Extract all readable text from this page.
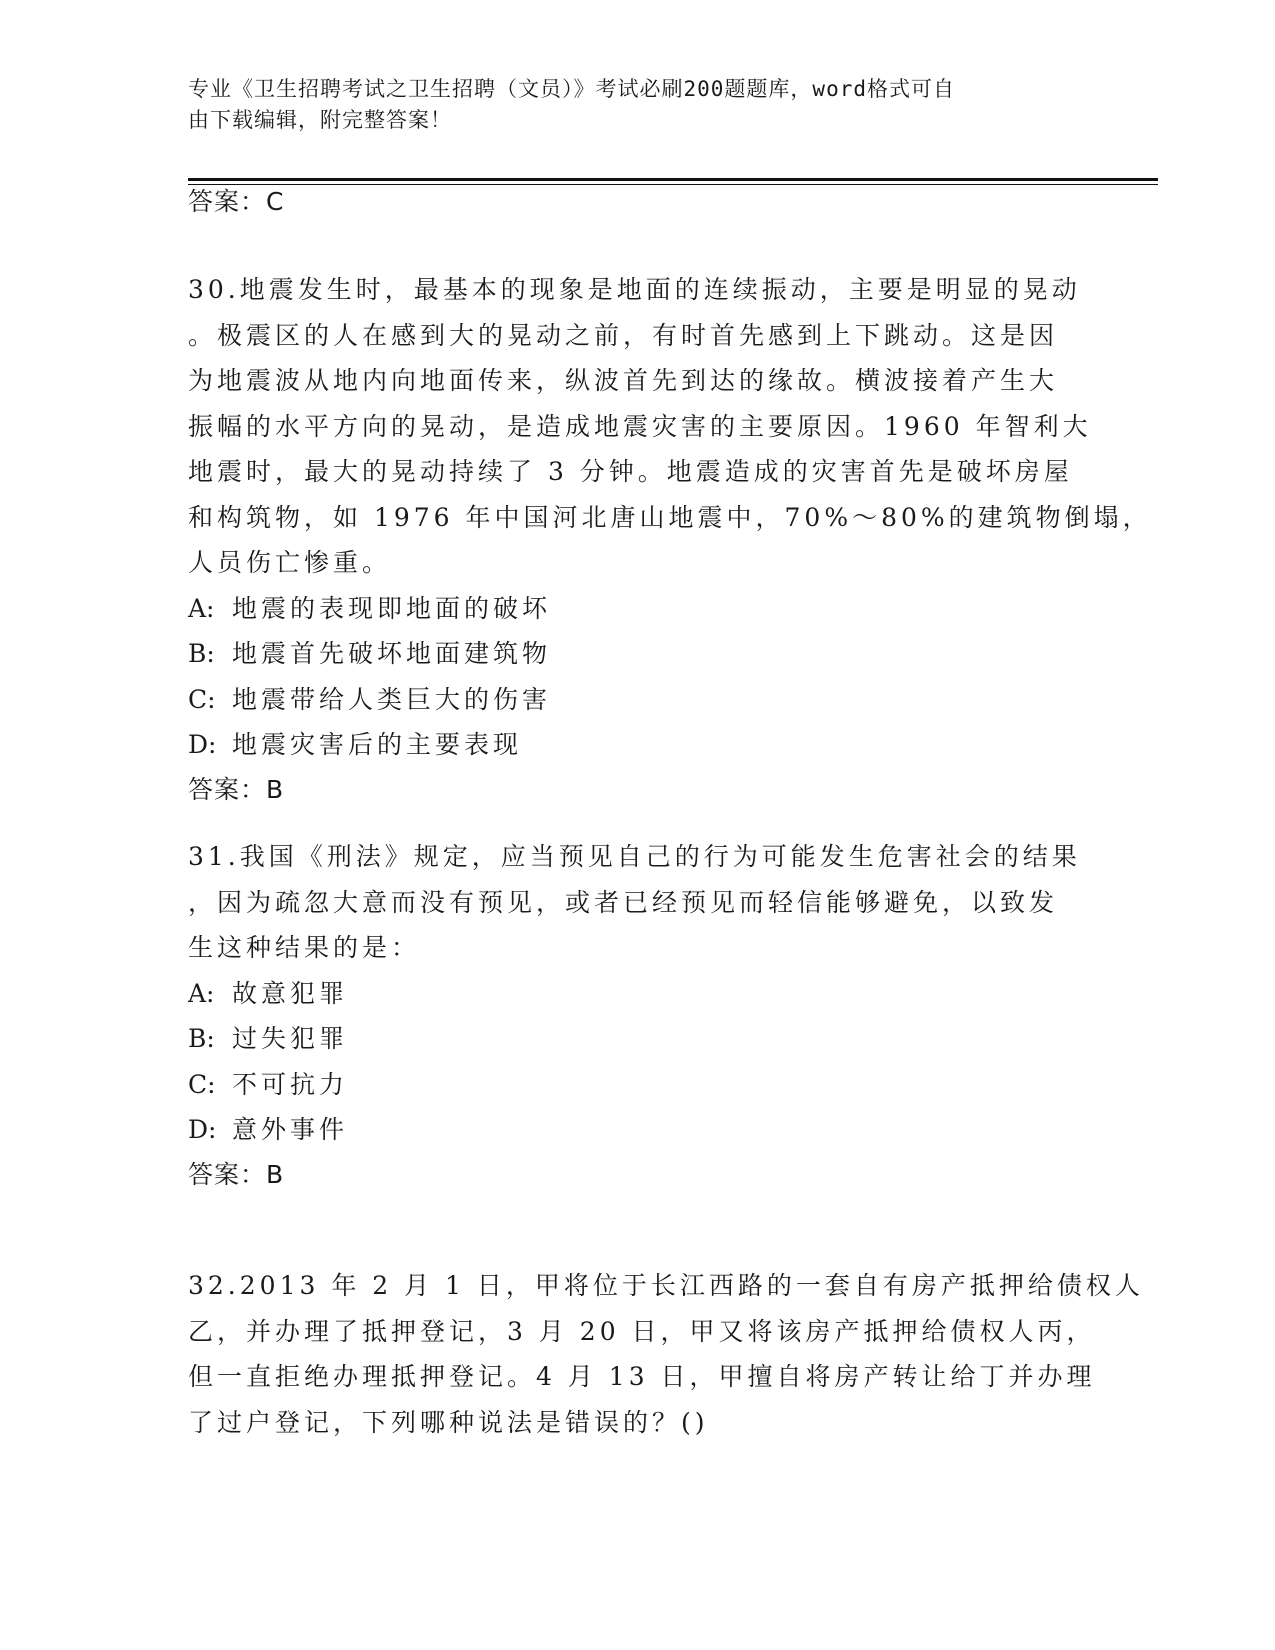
专业《卫生招聘考试之卫生招聘（文员）》考试必刷200题题库，word格式可自
由下载编辑，附完整答案！
答案：C
30.地震发生时，最基本的现象是地面的连续振动，主要是明显的晃动
。极震区的人在感到大的晃动之前，有时首先感到上下跳动。这是因
为地震波从地内向地面传来，纵波首先到达的缘故。横波接着产生大
振幅的水平方向的晃动，是造成地震灾害的主要原因。1960 年智利大
地震时，最大的晃动持续了 3 分钟。地震造成的灾害首先是破坏房屋
和构筑物，如 1976 年中国河北唐山地震中，70%～80%的建筑物倒塌，
人员伤亡惨重。
A: 地震的表现即地面的破坏
B: 地震首先破坏地面建筑物
C: 地震带给人类巨大的伤害
D: 地震灾害后的主要表现
答案：B
31.我国《刑法》规定，应当预见自己的行为可能发生危害社会的结果
，因为疏忽大意而没有预见，或者已经预见而轻信能够避免，以致发
生这种结果的是：
A: 故意犯罪
B: 过失犯罪
C: 不可抗力
D: 意外事件
答案：B
32.2013 年 2 月 1 日，甲将位于长江西路的一套自有房产抵押给债权人
乙，并办理了抵押登记，3 月 20 日，甲又将该房产抵押给债权人丙，
但一直拒绝办理抵押登记。4 月 13 日，甲擅自将房产转让给丁并办理
了过户登记，下列哪种说法是错误的？()
